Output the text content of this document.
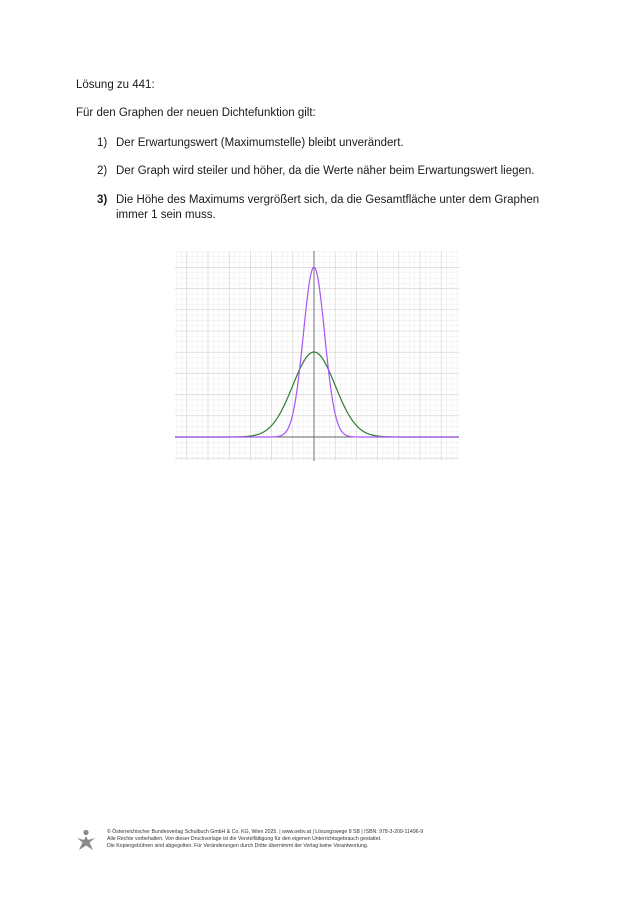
Lösung zu 441:
Für den Graphen der neuen Dichtefunktion gilt:
1) Der Erwartungswert (Maximumstelle) bleibt unverändert.
2) Der Graph wird steiler und höher, da die Werte näher beim Erwartungswert liegen.
3) Die Höhe des Maximums vergrößert sich, da die Gesamtfläche unter dem Graphen immer 1 sein muss.
© Österreichischer Bundesverlag Schulbuch GmbH & Co. KG, Wien 2025. | www.oebv.at | Lösungswege 8 SB | ISBN: 978-3-209-11496-9
Alle Rechte vorbehalten. Von dieser Druckvorlage ist die Vervielfältigung für den eigenen Unterrichtsgebrauch gestattet.
Die Kopiergebühren sind abgegolten. Für Veränderungen durch Dritte übernimmt der Verlag keine Verantwortung.
